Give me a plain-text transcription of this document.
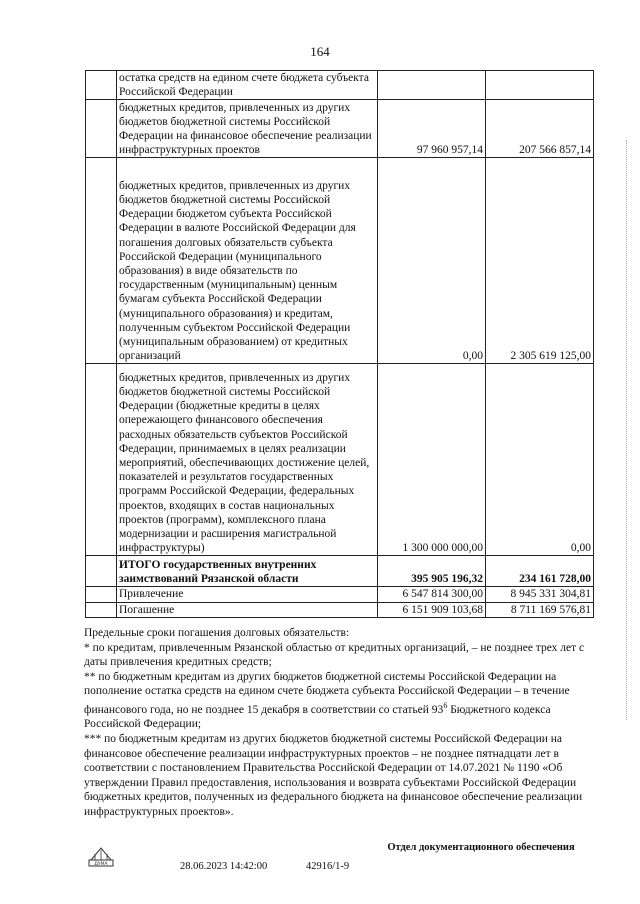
164
	остатка средств на едином счете бюджета субъекта Российской Федерации		
	бюджетных кредитов, привлеченных из других бюджетов бюджетной системы Российской Федерации на финансовое обеспечение реализации инфраструктурных проектов	97 960 957,14	207 566 857,14
	бюджетных кредитов, привлеченных из других бюджетов бюджетной системы Российской Федерации бюджетом субъекта Российской Федерации в валюте Российской Федерации для погашения долговых обязательств субъекта Российской Федерации (муниципального образования) в виде обязательств по государственным (муниципальным) ценным бумагам субъекта Российской Федерации (муниципального образования) и кредитам, полученным субъектом Российской Федерации (муниципальным образованием) от кредитных организаций	0,00	2 305 619 125,00
	бюджетных кредитов, привлеченных из других бюджетов бюджетной системы Российской Федерации (бюджетные кредиты в целях опережающего финансового обеспечения расходных обязательств субъектов Российской Федерации, принимаемых в целях реализации мероприятий, обеспечивающих достижение целей, показателей и результатов государственных программ Российской Федерации, федеральных проектов, входящих в состав национальных проектов (программ), комплексного плана модернизации и расширения магистральной инфраструктуры)	1 300 000 000,00	0,00
	ИТОГО государственных внутренних заимствований Рязанской области	395 905 196,32	234 161 728,00
	Привлечение	6 547 814 300,00	8 945 331 304,81
	Погашение	6 151 909 103,68	8 711 169 576,81

Предельные сроки погашения долговых обязательств:

* по кредитам, привлеченным Рязанской областью от кредитных организаций, – не позднее трех лет с даты привлечения кредитных средств;

** по бюджетным кредитам из других бюджетов бюджетной системы Российской Федерации на пополнение остатка средств на едином счете бюджета субъекта Российской Федерации – в течение финансового года, но не позднее 15 декабря в соответствии со статьей $93^6$ Бюджетного кодекса Российской Федерации;

*** по бюджетным кредитам из других бюджетов бюджетной системы Российской Федерации на финансовое обеспечение реализации инфраструктурных проектов – не позднее пятнадцати лет в соответствии с постановлением Правительства Российской Федерации от 14.07.2021 № 1190 «Об утверждении Правил предоставления, использования и возврата субъектами Российской Федерации бюджетных кредитов, полученных из федерального бюджета на финансовое обеспечение реализации инфраструктурных проектов».

ДУМА	28.06.2023 14:42:00	42916/1-9
Отдел документационного обеспечения
